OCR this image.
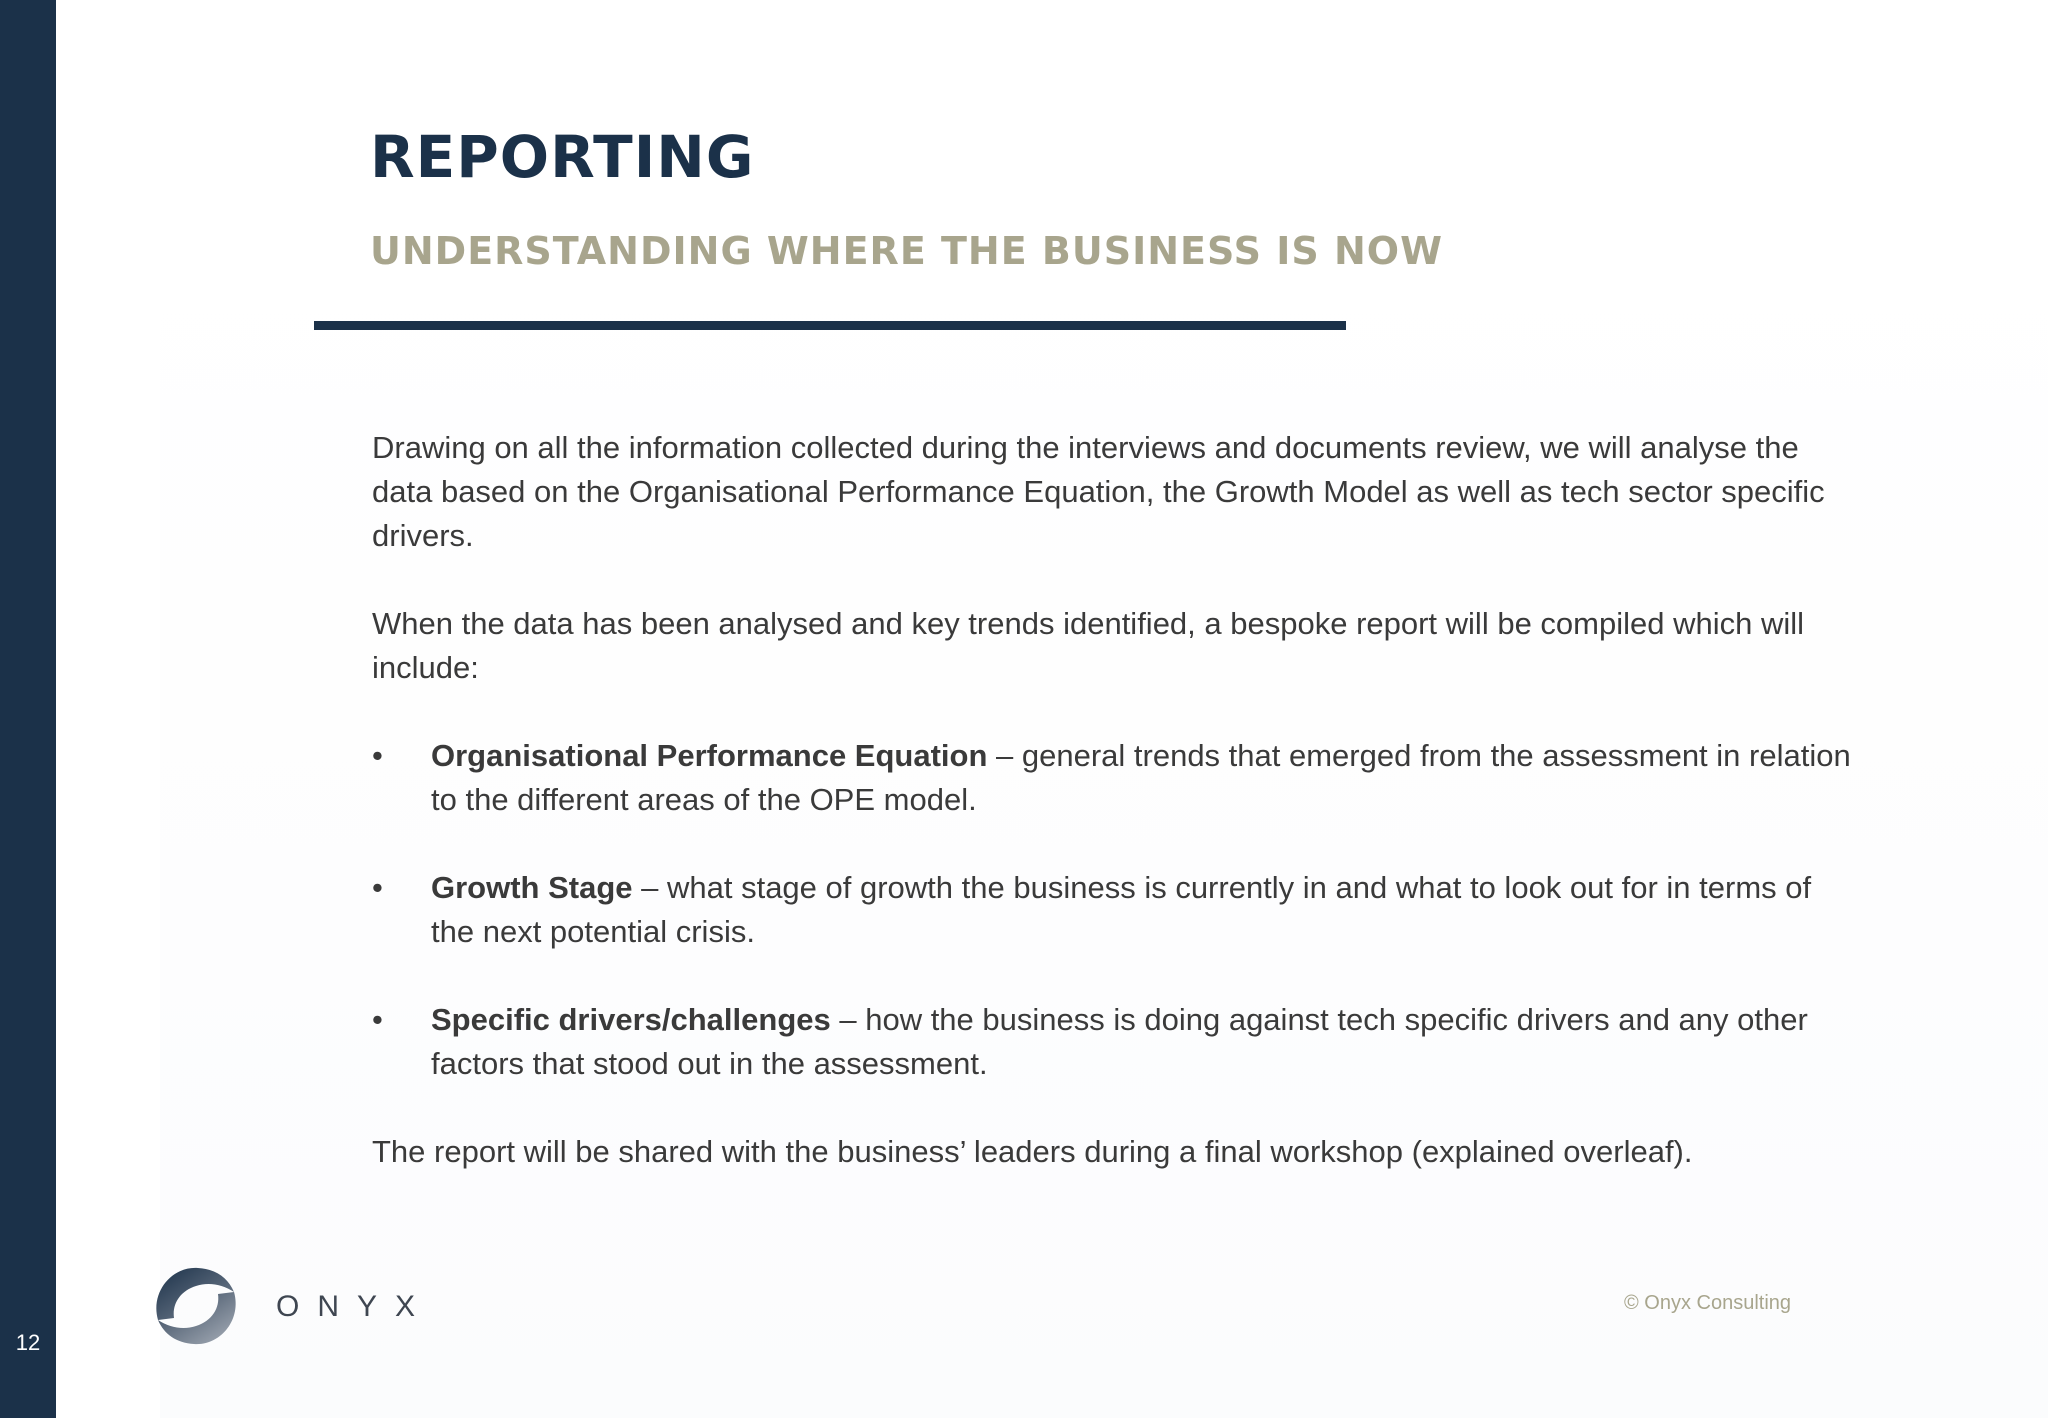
12
REPORTING
UNDERSTANDING WHERE THE BUSINESS IS NOW

Drawing on all the information collected during the interviews and documents review, we will analyse the data based on the Organisational Performance Equation, the Growth Model as well as tech sector specific drivers.

When the data has been analysed and key trends identified, a bespoke report will be compiled which will include:

• Organisational Performance Equation – general trends that emerged from the assessment in relation to the different areas of the OPE model.
• Growth Stage – what stage of growth the business is currently in and what to look out for in terms of the next potential crisis.
• Specific drivers/challenges – how the business is doing against tech specific drivers and any other factors that stood out in the assessment.

The report will be shared with the business’ leaders during a final workshop (explained overleaf).

ONYX	© Onyx Consulting
